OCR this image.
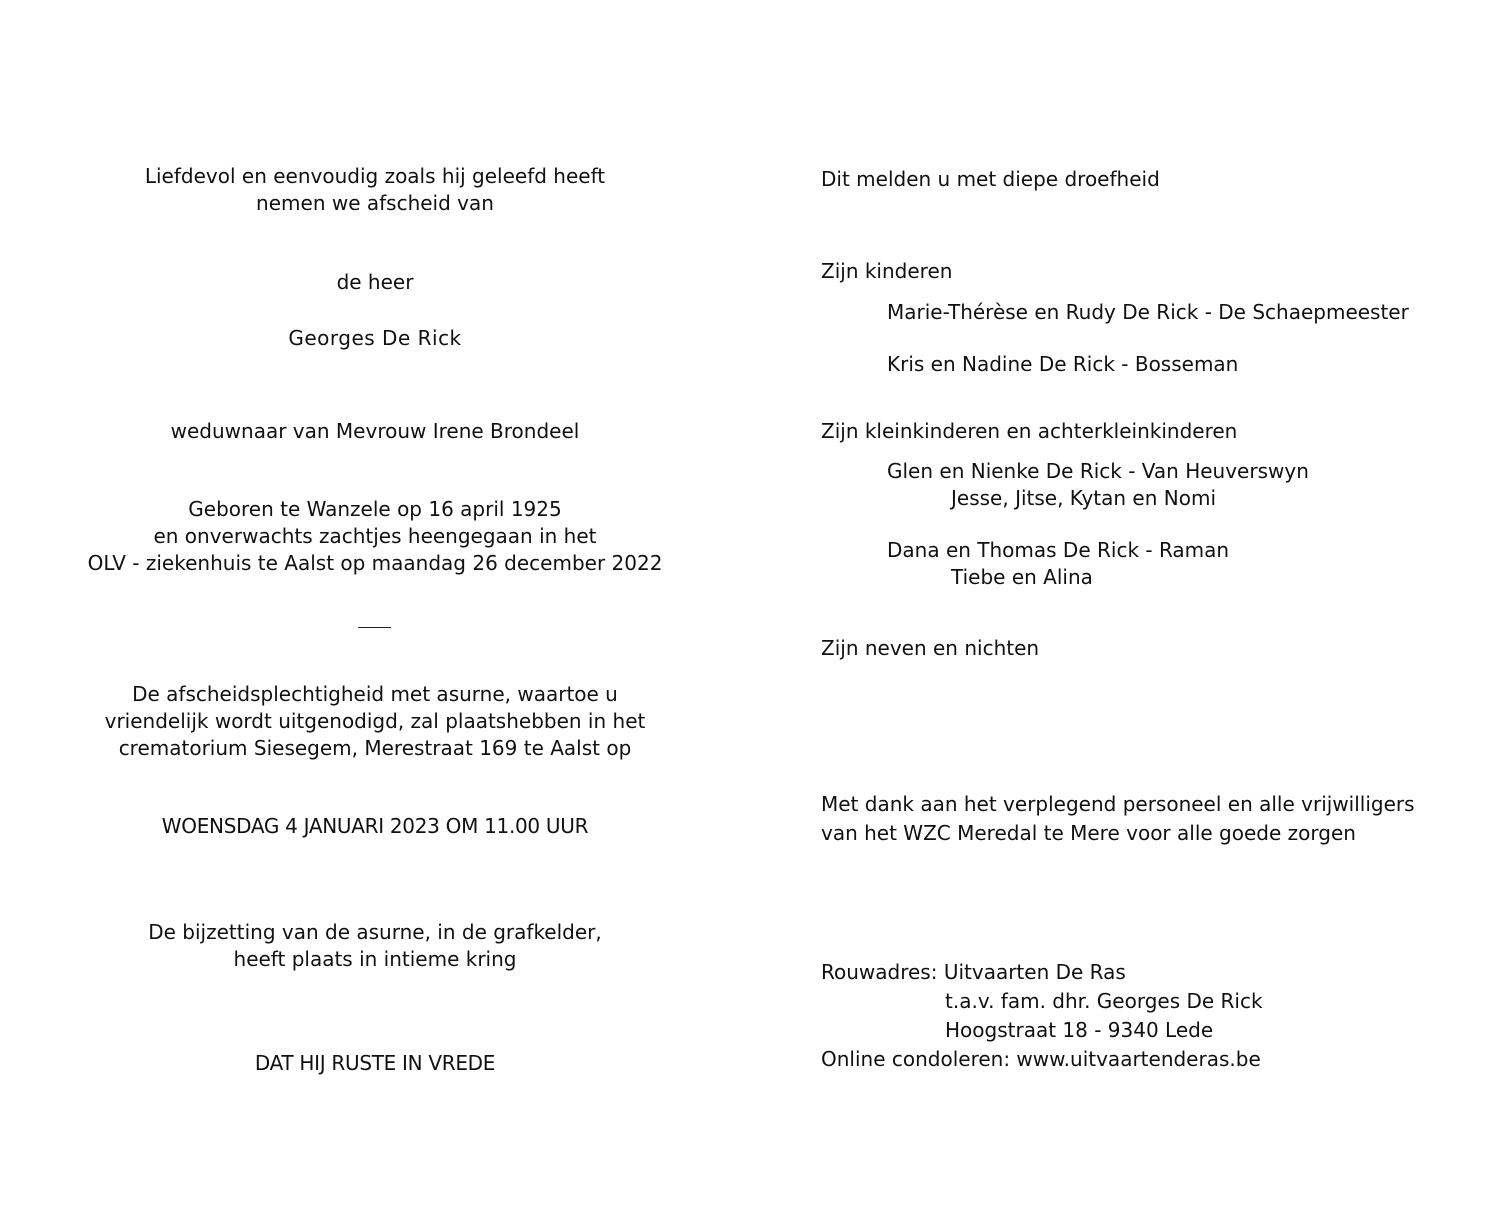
Liefdevol en eenvoudig zoals hij geleefd heeft
nemen we afscheid van
de heer
Georges De Rick
weduwnaar van Mevrouw Irene Brondeel
Geboren te Wanzele op 16 april 1925
en onverwachts zachtjes heengegaan in het
OLV - ziekenhuis te Aalst op maandag 26 december 2022
De afscheidsplechtigheid met asurne, waartoe u
vriendelijk wordt uitgenodigd, zal plaatshebben in het
crematorium Siesegem, Merestraat 169 te Aalst op
WOENSDAG 4 JANUARI 2023 OM 11.00 UUR
De bijzetting van de asurne, in de grafkelder,
heeft plaats in intieme kring
DAT HIJ RUSTE IN VREDE
Dit melden u met diepe droefheid
Zijn kinderen
Marie-Thérèse en Rudy De Rick - De Schaepmeester
Kris en Nadine De Rick - Bosseman
Zijn kleinkinderen en achterkleinkinderen
Glen en Nienke De Rick - Van Heuverswyn
Jesse, Jitse, Kytan en Nomi
Dana en Thomas De Rick - Raman
Tiebe en Alina
Zijn neven en nichten
Met dank aan het verplegend personeel en alle vrijwilligers
van het WZC Meredal te Mere voor alle goede zorgen
Rouwadres: Uitvaarten De Ras
t.a.v. fam. dhr. Georges De Rick
Hoogstraat 18 - 9340 Lede
Online condoleren: www.uitvaartenderas.be
